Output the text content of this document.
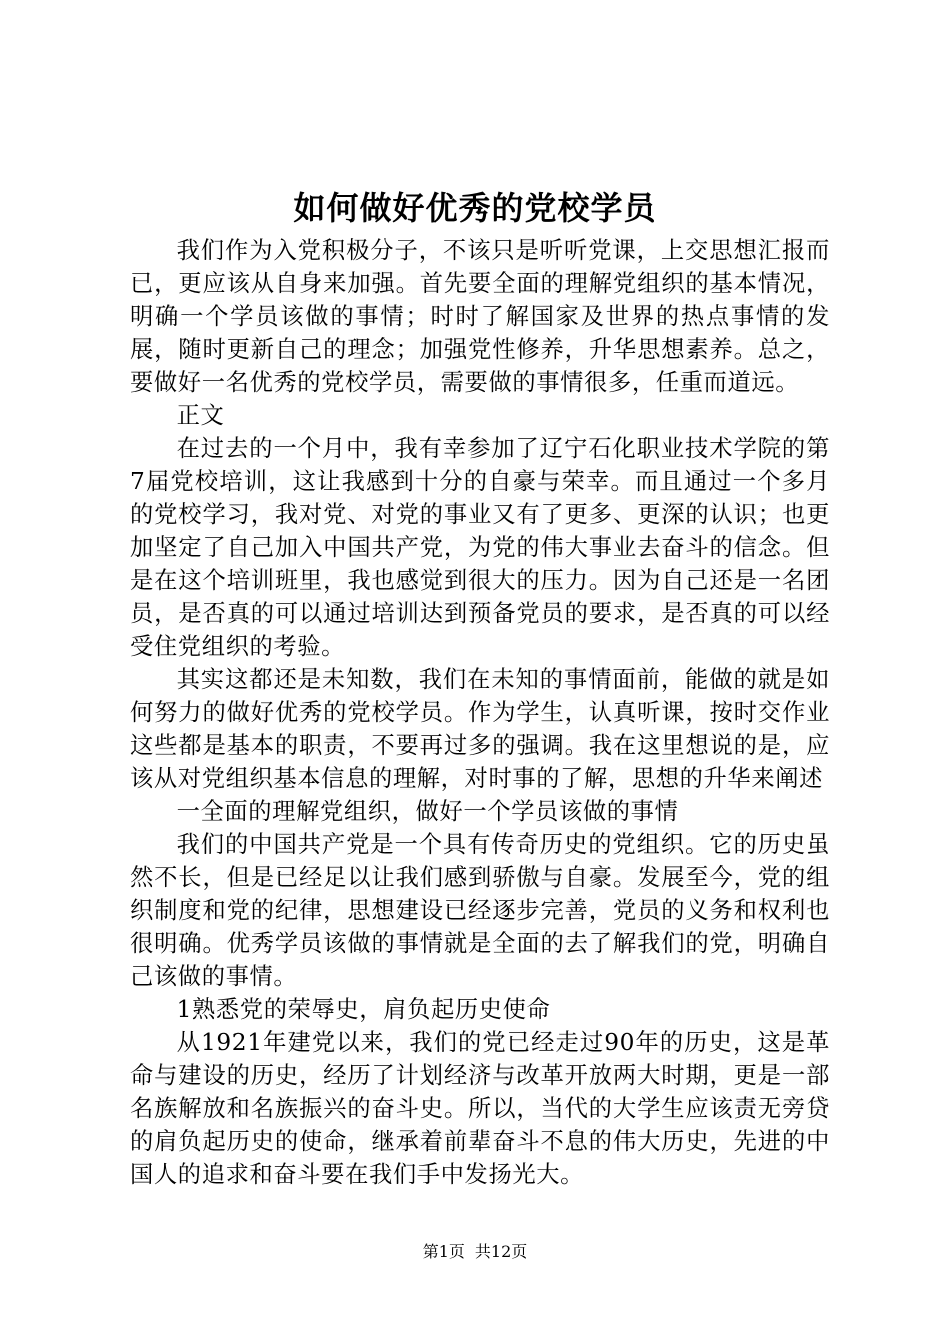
如何做好优秀的党校学员

我们作为入党积极分子，不该只是听听党课，上交思想汇报而已，更应该从自身来加强。首先要全面的理解党组织的基本情况，明确一个学员该做的事情；时时了解国家及世界的热点事情的发展，随时更新自己的理念；加强党性修养，升华思想素养。总之，要做好一名优秀的党校学员，需要做的事情很多，任重而道远。

正文

在过去的一个月中，我有幸参加了辽宁石化职业技术学院的第7届党校培训，这让我感到十分的自豪与荣幸。而且通过一个多月的党校学习，我对党、对党的事业又有了更多、更深的认识；也更加坚定了自己加入中国共产党，为党的伟大事业去奋斗的信念。但是在这个培训班里，我也感觉到很大的压力。因为自己还是一名团员，是否真的可以通过培训达到预备党员的要求，是否真的可以经受住党组织的考验。

其实这都还是未知数，我们在未知的事情面前，能做的就是如何努力的做好优秀的党校学员。作为学生，认真听课，按时交作业这些都是基本的职责，不要再过多的强调。我在这里想说的是，应该从对党组织基本信息的理解，对时事的了解，思想的升华来阐述

一全面的理解党组织，做好一个学员该做的事情

我们的中国共产党是一个具有传奇历史的党组织。它的历史虽然不长，但是已经足以让我们感到骄傲与自豪。发展至今，党的组织制度和党的纪律，思想建设已经逐步完善，党员的义务和权利也很明确。优秀学员该做的事情就是全面的去了解我们的党，明确自己该做的事情。

1熟悉党的荣辱史，肩负起历史使命

从1921年建党以来，我们的党已经走过90年的历史，这是革命与建设的历史，经历了计划经济与改革开放两大时期，更是一部名族解放和名族振兴的奋斗史。所以，当代的大学生应该责无旁贷的肩负起历史的使命，继承着前辈奋斗不息的伟大历史，先进的中国人的追求和奋斗要在我们手中发扬光大。

第1页 共12页
